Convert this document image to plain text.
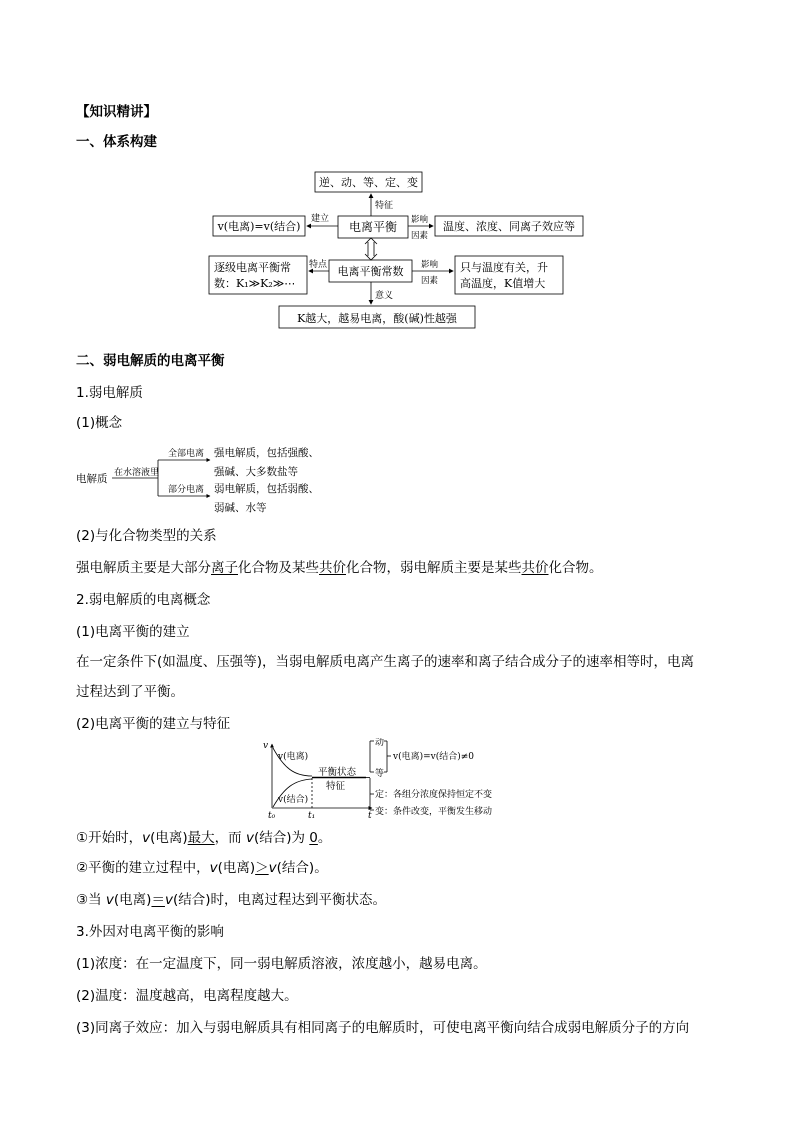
【知识精讲】
一、体系构建
逆、动、等、定、变
特征
v(电离)=v(结合)
建立
电离平衡 影响
因素
温度、浓度、同离子效应等
电离平衡常数
特点
逐级电离平衡常
数：K₁≫K₂≫⋯
影响
因素
只与温度有关，升
高温度，K值增大
意义
K越大，越易电离，酸(碱)性越强
二、弱电解质的电离平衡
1.弱电解质
(1)概念
电解质 在水溶液里
全部电离
部分电离
强电解质，包括强酸、
强碱、大多数盐等
弱电解质，包括弱酸、
弱碱、水等
(2)与化合物类型的关系
强电解质主要是大部分离子化合物及某些共价化合物，弱电解质主要是某些共价化合物。
2.弱电解质的电离概念
(1)电离平衡的建立
在一定条件下(如温度、压强等)，当弱电解质电离产生离子的速率和离子结合成分子的速率相等时，电离
过程达到了平衡。
(2)电离平衡的建立与特征
v
t
t₀	t₁
v(电离)
v(结合)
平衡状态
特征
动
等
v(电离)=v(结合)≠0
定：各组分浓度保持恒定不变
变：条件改变，平衡发生移动
①开始时，v(电离)最大，而 v(结合)为 0。
②平衡的建立过程中，v(电离)＞v(结合)。
③当 v(电离)＝v(结合)时，电离过程达到平衡状态。
3.外因对电离平衡的影响
(1)浓度：在一定温度下，同一弱电解质溶液，浓度越小，越易电离。
(2)温度：温度越高，电离程度越大。
(3)同离子效应：加入与弱电解质具有相同离子的电解质时，可使电离平衡向结合成弱电解质分子的方向
